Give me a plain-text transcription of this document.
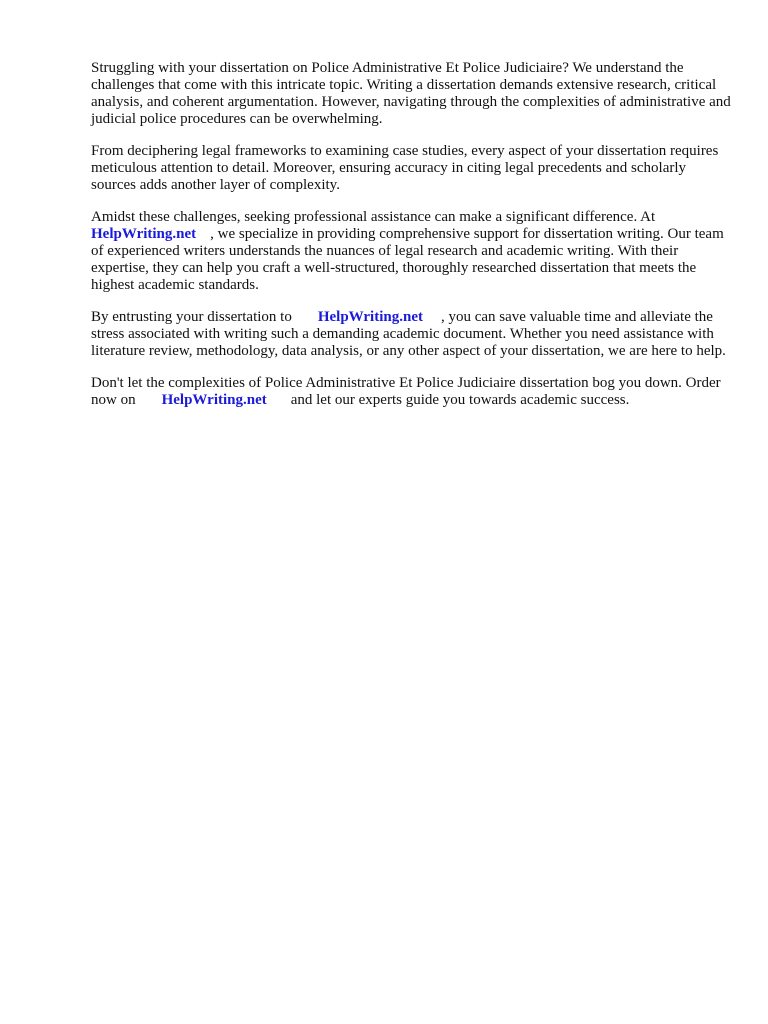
Struggling with your dissertation on Police Administrative Et Police Judiciaire? We understand the challenges that come with this intricate topic. Writing a dissertation demands extensive research, critical analysis, and coherent argumentation. However, navigating through the complexities of administrative and judicial police procedures can be overwhelming.

From deciphering legal frameworks to examining case studies, every aspect of your dissertation requires meticulous attention to detail. Moreover, ensuring accuracy in citing legal precedents and scholarly sources adds another layer of complexity.

Amidst these challenges, seeking professional assistance can make a significant difference. At
HelpWriting.net , we specialize in providing comprehensive support for dissertation writing. Our team of experienced writers understands the nuances of legal research and academic writing. With their expertise, they can help you craft a well-structured, thoroughly researched dissertation that meets the highest academic standards.

By entrusting your dissertation to HelpWriting.net , you can save valuable time and alleviate the stress associated with writing such a demanding academic document. Whether you need assistance with literature review, methodology, data analysis, or any other aspect of your dissertation, we are here to help.

Don't let the complexities of Police Administrative Et Police Judiciaire dissertation bog you down. Order now on HelpWriting.net and let our experts guide you towards academic success.
